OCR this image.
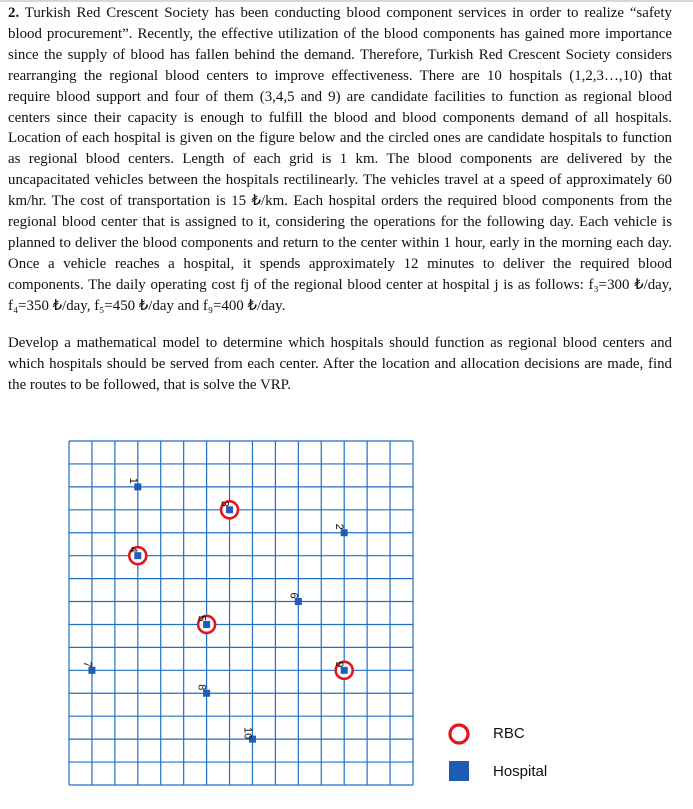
2. Turkish Red Crescent Society has been conducting blood component services in order to realize “safety blood procurement”. Recently, the effective utilization of the blood components has gained more importance since the supply of blood has fallen behind the demand. Therefore, Turkish Red Crescent Society considers rearranging the regional blood centers to improve effectiveness. There are 10 hospitals (1,2,3…,10) that require blood support and four of them (3,4,5 and 9) are candidate facilities to function as regional blood centers since their capacity is enough to fulfill the blood and blood components demand of all hospitals. Location of each hospital is given on the figure below and the circled ones are candidate hospitals to function as regional blood centers. Length of each grid is 1 km. The blood components are delivered by the uncapacitated vehicles between the hospitals rectilinearly. The vehicles travel at a speed of approximately 60 km/hr. The cost of transportation is 15 ₺/km. Each hospital orders the required blood components from the regional blood center that is assigned to it, considering the operations for the following day. Each vehicle is planned to deliver the blood components and return to the center within 1 hour, early in the morning each day. Once a vehicle reaches a hospital, it spends approximately 12 minutes to deliver the required blood components. The daily operating cost fj of the regional blood center at hospital j is as follows: f₃=300 ₺/day, f₄=350 ₺/day, f₅=450 ₺/day and f₉=400 ₺/day.

Develop a mathematical model to determine which hospitals should function as regional blood centers and which hospitals should be served from each center. After the location and allocation decisions are made, find the routes to be followed, that is solve the VRP.

1
2
3
4
5
6
7
8
9
10	RBC
Hospital
